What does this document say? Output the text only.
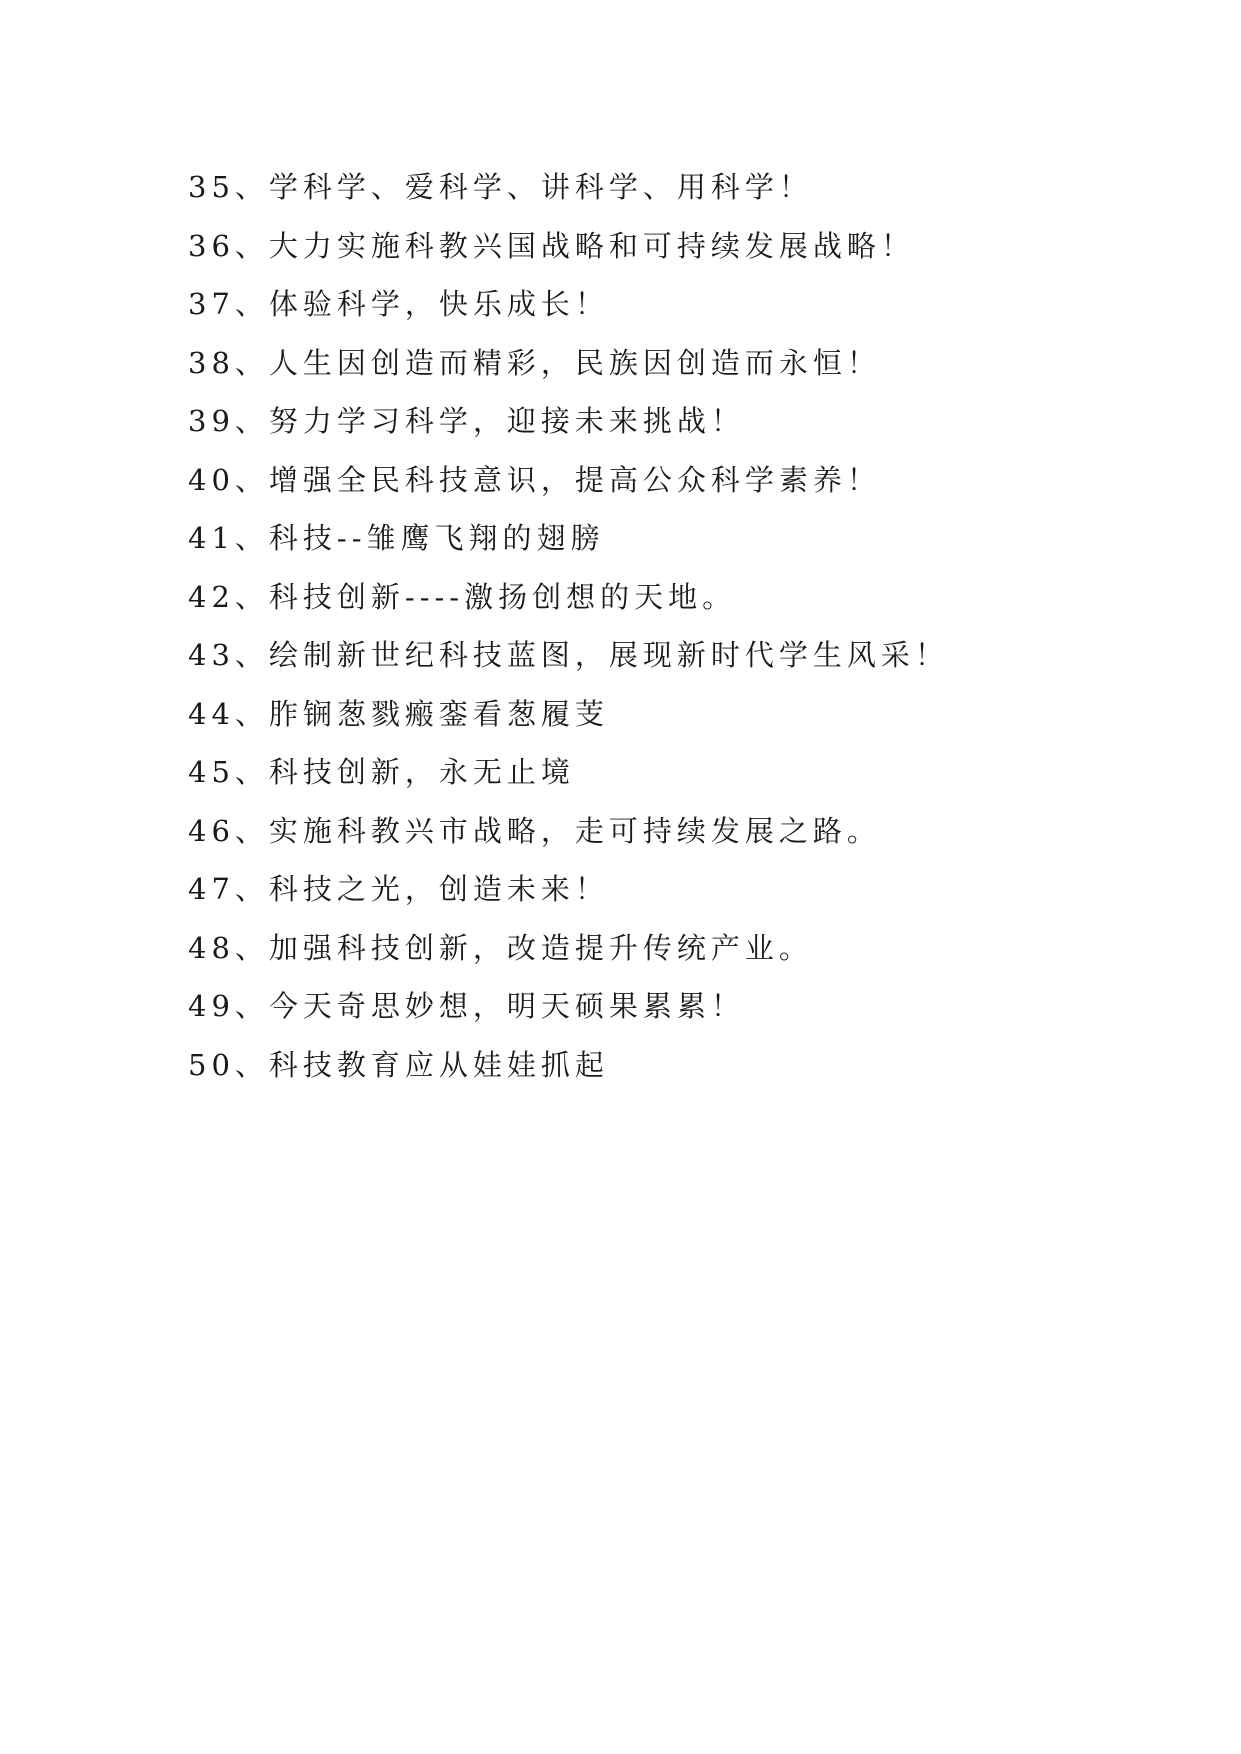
35、学科学、爱科学、讲科学、用科学！
36、大力实施科教兴国战略和可持续发展战略！
37、体验科学，快乐成长！
38、人生因创造而精彩，民族因创造而永恒！
39、努力学习科学，迎接未来挑战！
40、增强全民科技意识，提高公众科学素养！
41、科技--雏鹰飞翔的翅膀
42、科技创新----激扬创想的天地。
43、绘制新世纪科技蓝图，展现新时代学生风采！
44、胙锎葱戮瘢銮看葱履芰
45、科技创新，永无止境
46、实施科教兴市战略，走可持续发展之路。
47、科技之光，创造未来！
48、加强科技创新，改造提升传统产业。
49、今天奇思妙想，明天硕果累累！
50、科技教育应从娃娃抓起
